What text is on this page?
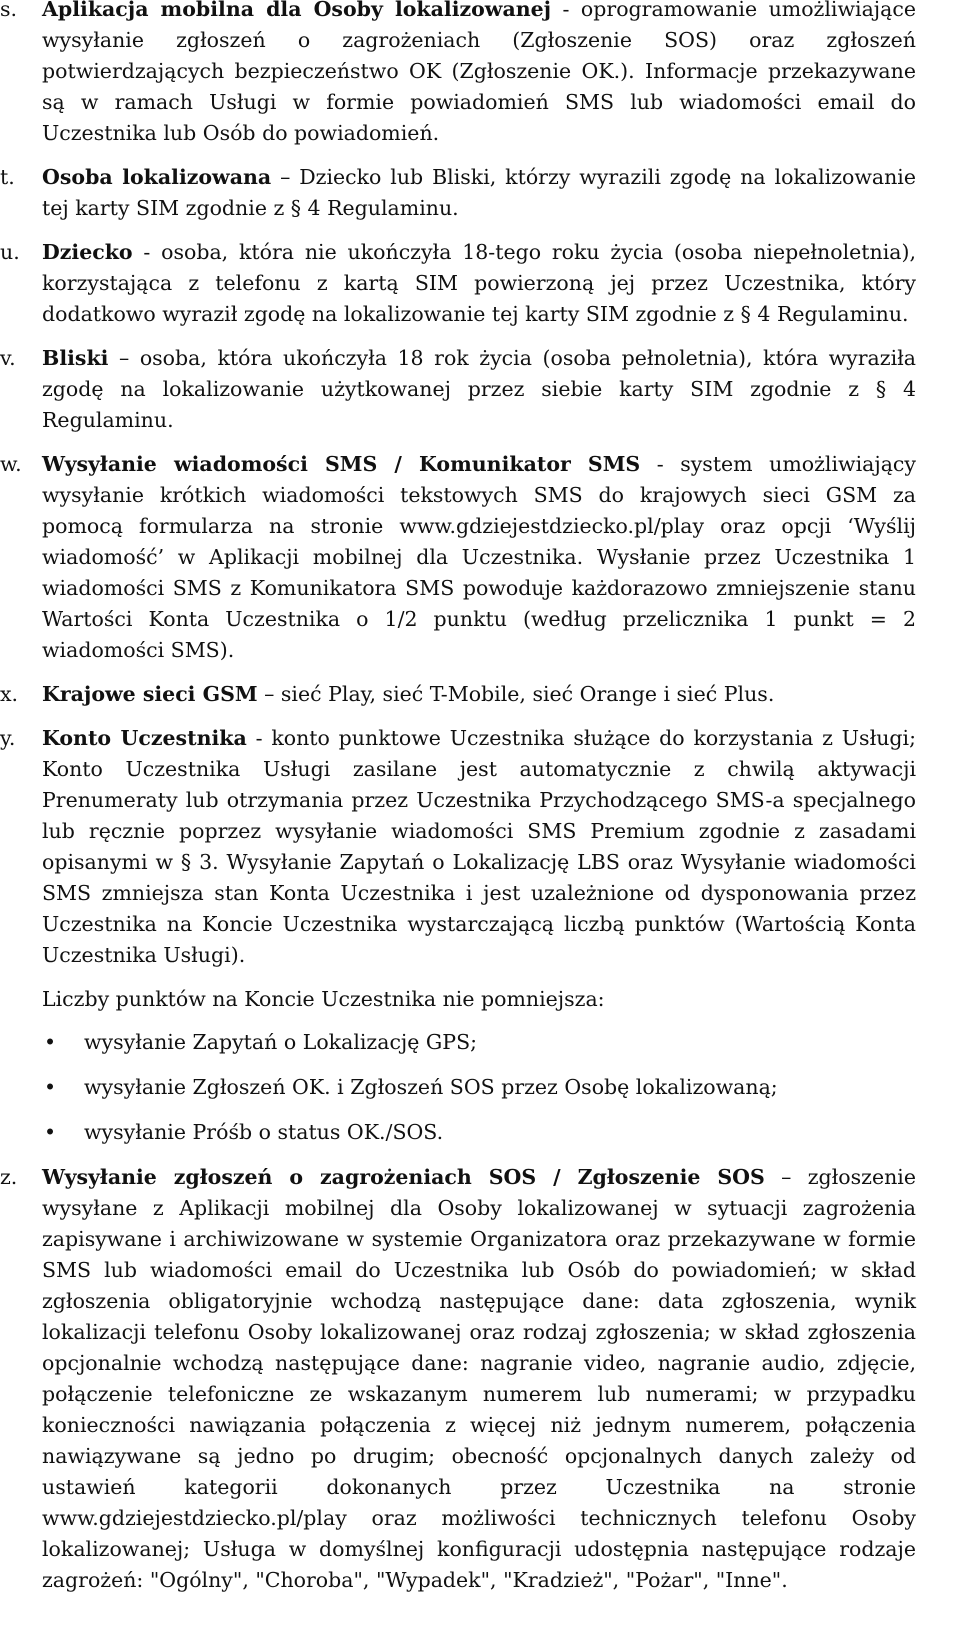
s. Aplikacja mobilna dla Osoby lokalizowanej - oprogramowanie umożliwiające wysyłanie zgłoszeń o zagrożeniach (Zgłoszenie SOS) oraz zgłoszeń potwierdzających bezpieczeństwo OK (Zgłoszenie OK.). Informacje przekazywane są w ramach Usługi w formie powiadomień SMS lub wiadomości email do Uczestnika lub Osób do powiadomień.

t. Osoba lokalizowana – Dziecko lub Bliski, którzy wyrazili zgodę na lokalizowanie tej karty SIM zgodnie z § 4 Regulaminu.

u. Dziecko - osoba, która nie ukończyła 18-tego roku życia (osoba niepełnoletnia), korzystająca z telefonu z kartą SIM powierzoną jej przez Uczestnika, który dodatkowo wyraził zgodę na lokalizowanie tej karty SIM zgodnie z § 4 Regulaminu.

v. Bliski – osoba, która ukończyła 18 rok życia (osoba pełnoletnia), która wyraziła zgodę na lokalizowanie użytkowanej przez siebie karty SIM zgodnie z § 4 Regulaminu.

w. Wysyłanie wiadomości SMS / Komunikator SMS - system umożliwiający wysyłanie krótkich wiadomości tekstowych SMS do krajowych sieci GSM za pomocą formularza na stronie www.gdziejestdziecko.pl/play oraz opcji ‘Wyślij wiadomość’ w Aplikacji mobilnej dla Uczestnika. Wysłanie przez Uczestnika 1 wiadomości SMS z Komunikatora SMS powoduje każdorazowo zmniejszenie stanu Wartości Konta Uczestnika o 1/2 punktu (według przelicznika 1 punkt = 2 wiadomości SMS).

x. Krajowe sieci GSM – sieć Play, sieć T-Mobile, sieć Orange i sieć Plus.

y. Konto Uczestnika - konto punktowe Uczestnika służące do korzystania z Usługi; Konto Uczestnika Usługi zasilane jest automatycznie z chwilą aktywacji Prenumeraty lub otrzymania przez Uczestnika Przychodzącego SMS-a specjalnego lub ręcznie poprzez wysyłanie wiadomości SMS Premium zgodnie z zasadami opisanymi w § 3. Wysyłanie Zapytań o Lokalizację LBS oraz Wysyłanie wiadomości SMS zmniejsza stan Konta Uczestnika i jest uzależnione od dysponowania przez Uczestnika na Koncie Uczestnika wystarczającą liczbą punktów (Wartością Konta Uczestnika Usługi).

Liczby punktów na Koncie Uczestnika nie pomniejsza:

• wysyłanie Zapytań o Lokalizację GPS;
• wysyłanie Zgłoszeń OK. i Zgłoszeń SOS przez Osobę lokalizowaną;
• wysyłanie Próśb o status OK./SOS.

z. Wysyłanie zgłoszeń o zagrożeniach SOS / Zgłoszenie SOS – zgłoszenie wysyłane z Aplikacji mobilnej dla Osoby lokalizowanej w sytuacji zagrożenia zapisywane i archiwizowane w systemie Organizatora oraz przekazywane w formie SMS lub wiadomości email do Uczestnika lub Osób do powiadomień; w skład zgłoszenia obligatoryjnie wchodzą następujące dane: data zgłoszenia, wynik lokalizacji telefonu Osoby lokalizowanej oraz rodzaj zgłoszenia; w skład zgłoszenia opcjonalnie wchodzą następujące dane: nagranie video, nagranie audio, zdjęcie, połączenie telefoniczne ze wskazanym numerem lub numerami; w przypadku konieczności nawiązania połączenia z więcej niż jednym numerem, połączenia nawiązywane są jedno po drugim; obecność opcjonalnych danych zależy od ustawień kategorii dokonanych przez Uczestnika na stronie www.gdziejestdziecko.pl/play oraz możliwości technicznych telefonu Osoby lokalizowanej; Usługa w domyślnej konfiguracji udostępnia następujące rodzaje zagrożeń: "Ogólny", "Choroba", "Wypadek", "Kradzież", "Pożar", "Inne".
